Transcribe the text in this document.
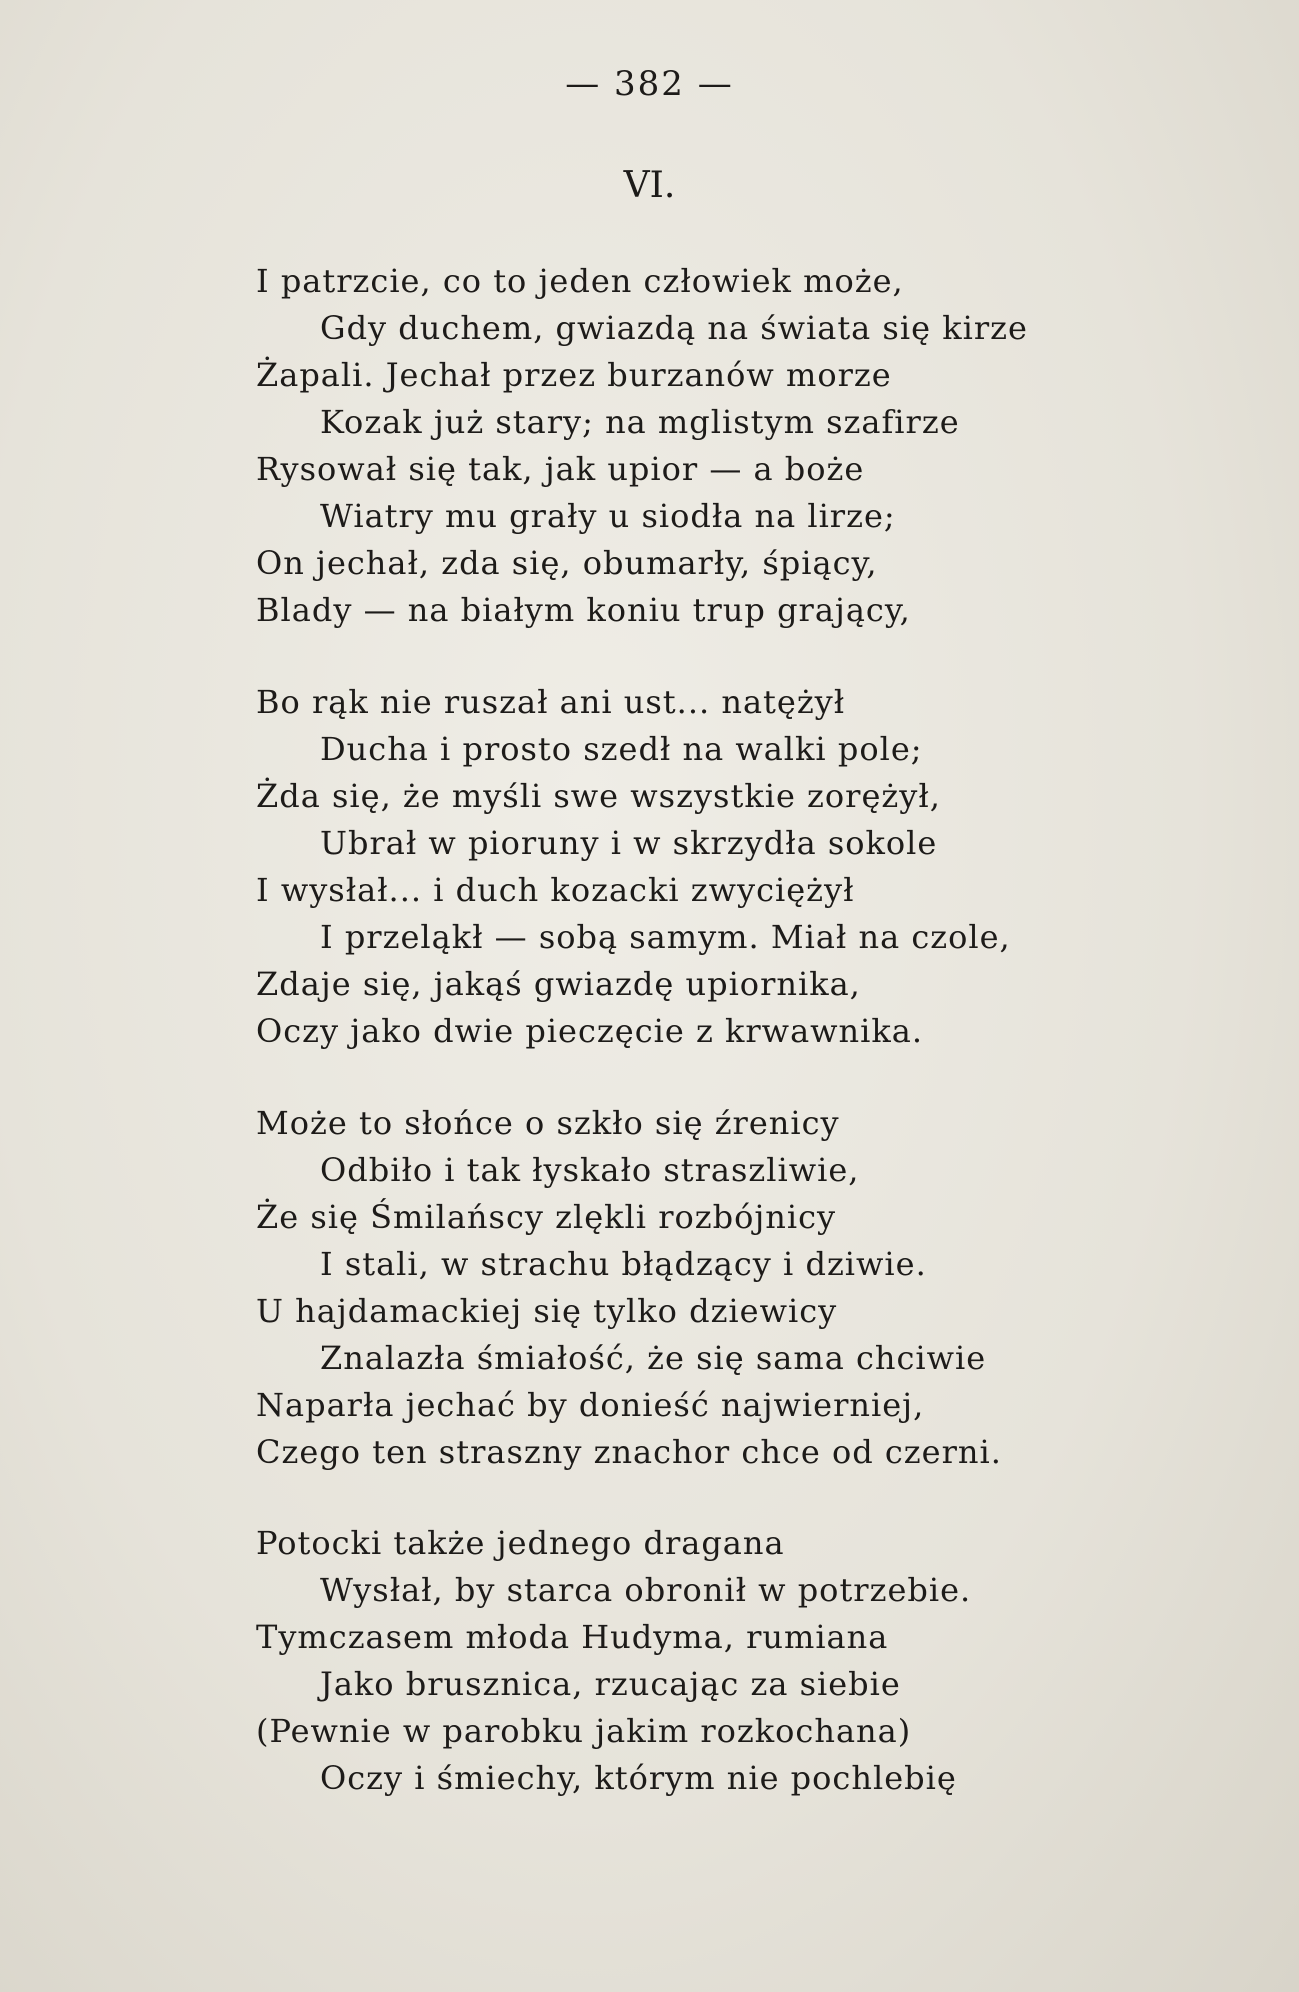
— 382 —
VI.
I patrzcie, co to jeden człowiek może,
Gdy duchem, gwiazdą na świata się kirze
Żapali. Jechał przez burzanów morze
Kozak już stary; na mglistym szafirze
Rysował się tak, jak upior — a boże
Wiatry mu grały u siodła na lirze;
On jechał, zda się, obumarły, śpiący,
Blady — na białym koniu trup grający,
Bo rąk nie ruszał ani ust... natężył
Ducha i prosto szedł na walki pole;
Żda się, że myśli swe wszystkie zorężył,
Ubrał w pioruny i w skrzydła sokole
I wysłał... i duch kozacki zwyciężył
I przeląkł — sobą samym. Miał na czole,
Zdaje się, jakąś gwiazdę upiornika,
Oczy jako dwie pieczęcie z krwawnika.
Może to słońce o szkło się źrenicy
Odbiło i tak łyskało straszliwie,
Że się Śmilańscy zlękli rozbójnicy
I stali, w strachu błądzący i dziwie.
U hajdamackiej się tylko dziewicy
Znalazła śmiałość, że się sama chciwie
Naparła jechać by donieść najwierniej,
Czego ten straszny znachor chce od czerni.
Potocki także jednego dragana
Wysłał, by starca obronił w potrzebie.
Tymczasem młoda Hudyma, rumiana
Jako brusznica, rzucając za siebie
(Pewnie w parobku jakim rozkochana)
Oczy i śmiechy, którym nie pochlebię
